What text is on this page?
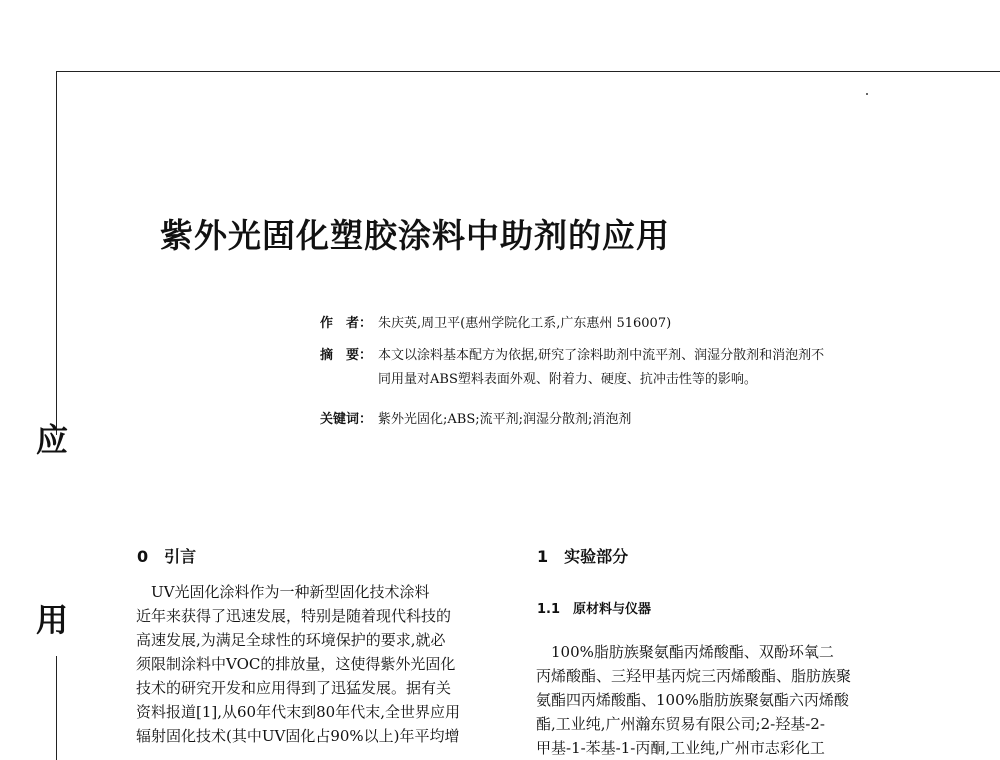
应
用
紫外光固化塑胶涂料中助剂的应用
作　者： 朱庆英,周卫平(惠州学院化工系,广东惠州 516007)
摘　要： 本文以涂料基本配方为依据,研究了涂料助剂中流平剂、润湿分散剂和消泡剂不
同用量对ABS塑料表面外观、附着力、硬度、抗冲击性等的影响。
关键词： 紫外光固化;ABS;流平剂;润湿分散剂;消泡剂
0　引言

　UV光固化涂料作为一种新型固化技术涂料
近年来获得了迅速发展，特别是随着现代科技的
高速发展,为满足全球性的环境保护的要求,就必
须限制涂料中VOC的排放量，这使得紫外光固化
技术的研究开发和应用得到了迅猛发展。据有关
资料报道[1],从60年代末到80年代末,全世界应用
辐射固化技术(其中UV固化占90%以上)年平均增

1　实验部分
1.1　原材料与仪器

　100%脂肪族聚氨酯丙烯酸酯、双酚环氧二
丙烯酸酯、三羟甲基丙烷三丙烯酸酯、脂肪族聚
氨酯四丙烯酸酯、100%脂肪族聚氨酯六丙烯酸
酯,工业纯,广州瀚东贸易有限公司;2-羟基-2-
甲基-1-苯基-1-丙酮,工业纯,广州市志彩化工
